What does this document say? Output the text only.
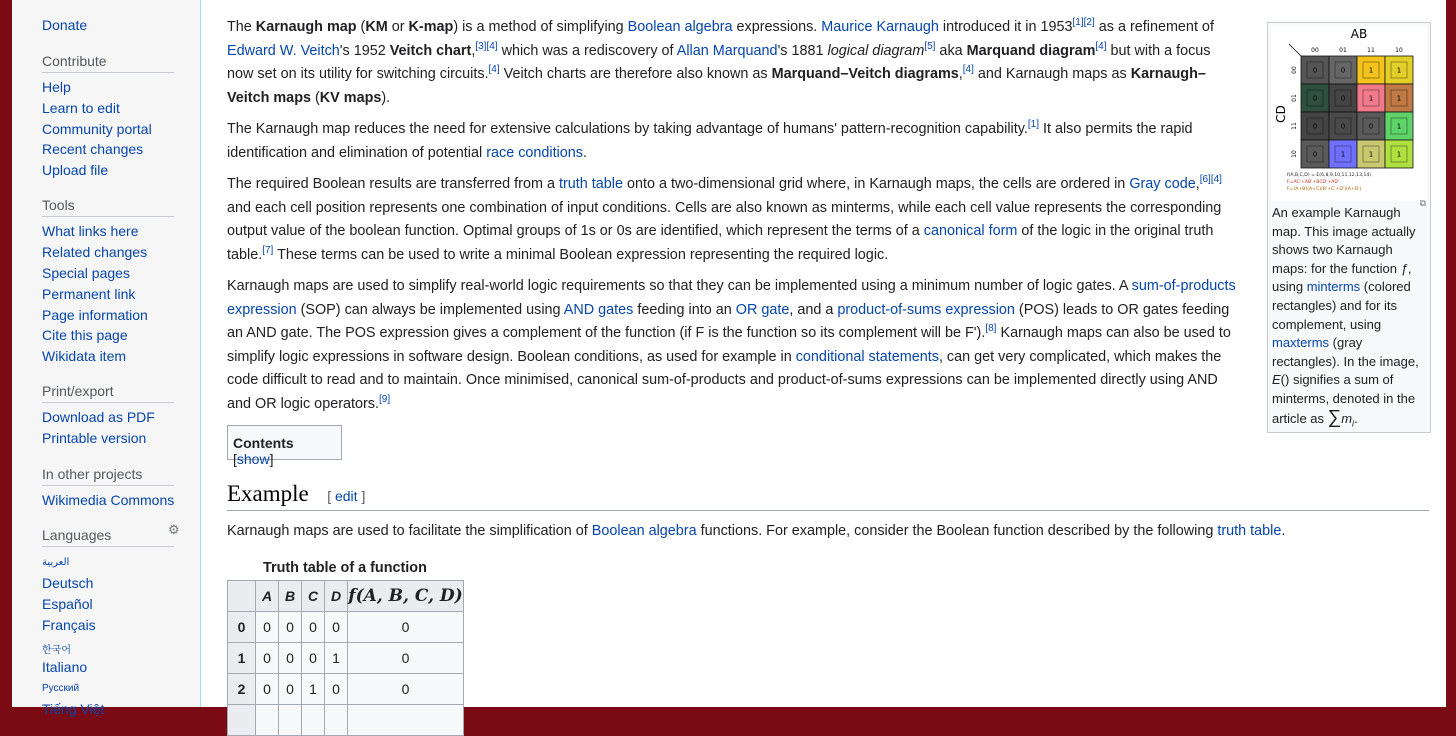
Donate
Contribute
Help
Learn to edit
Community portal
Recent changes
Upload file
Tools
What links here
Related changes
Special pages
Permanent link
Page information
Cite this page
Wikidata item
Print/export
Download as PDF
Printable version
In other projects
Wikimedia Commons
Languages	⚙
العربية
Deutsch
Español
Français
한국어
Italiano
Русский
Tiếng Việt

The Karnaugh map (KM or K-map) is a method of simplifying Boolean algebra expressions. Maurice Karnaugh introduced it in 1953[1][2] as a refinement of Edward W. Veitch's 1952 Veitch chart,[3][4] which was a rediscovery of Allan Marquand's 1881 logical diagram[5] aka Marquand diagram[4] but with a focus now set on its utility for switching circuits.[4] Veitch charts are therefore also known as Marquand–Veitch diagrams,[4] and Karnaugh maps as Karnaugh–Veitch maps (KV maps).

The Karnaugh map reduces the need for extensive calculations by taking advantage of humans' pattern-recognition capability.[1] It also permits the rapid identification and elimination of potential race conditions.

The required Boolean results are transferred from a truth table onto a two-dimensional grid where, in Karnaugh maps, the cells are ordered in Gray code,[6][4] and each cell position represents one combination of input conditions. Cells are also known as minterms, while each cell value represents the corresponding output value of the boolean function. Optimal groups of 1s or 0s are identified, which represent the terms of a canonical form of the logic in the original truth table.[7] These terms can be used to write a minimal Boolean expression representing the required logic.

Karnaugh maps are used to simplify real-world logic requirements so that they can be implemented using a minimum number of logic gates. A sum-of-products expression (SOP) can always be implemented using AND gates feeding into an OR gate, and a product-of-sums expression (POS) leads to OR gates feeding an AND gate. The POS expression gives a complement of the function (if F is the function so its complement will be F').[8] Karnaugh maps can also be used to simplify logic expressions in software design. Boolean conditions, as used for example in conditional statements, can get very complicated, which makes the code difficult to read and to maintain. Once minimised, canonical sum-of-products and product-of-sums expressions can be implemented directly using AND and OR logic operators.[9]

Contents [show]
Example [ edit ]

Karnaugh maps are used to facilitate the simplification of Boolean algebra functions. For example, consider the Boolean function described by the following truth table.

Truth table of a function
	A	B	C	D	f(A, B, C, D)
0	0	0	0	0	0
1	0	0	0	1	0
2	0	0	1	0	0

AB
CD
00	01	11	10
00
01
11
10
0	0	1	1
0	0	1	1
0	0	0	1
0	1	1	1
f(A,B,C,D) = E(6,8,9,10,11,12,13,14)
F=AC'+AB'+BCD'+AD'
F=(A+B)(A+C)(B'+C'+D')(A+D')
⧉
An example Karnaugh map. This image actually shows two Karnaugh maps: for the function ƒ, using minterms (colored rectangles) and for its complement, using maxterms (gray rectangles). In the image, E() signifies a sum of minterms, denoted in the article as $\sum m_i$.
